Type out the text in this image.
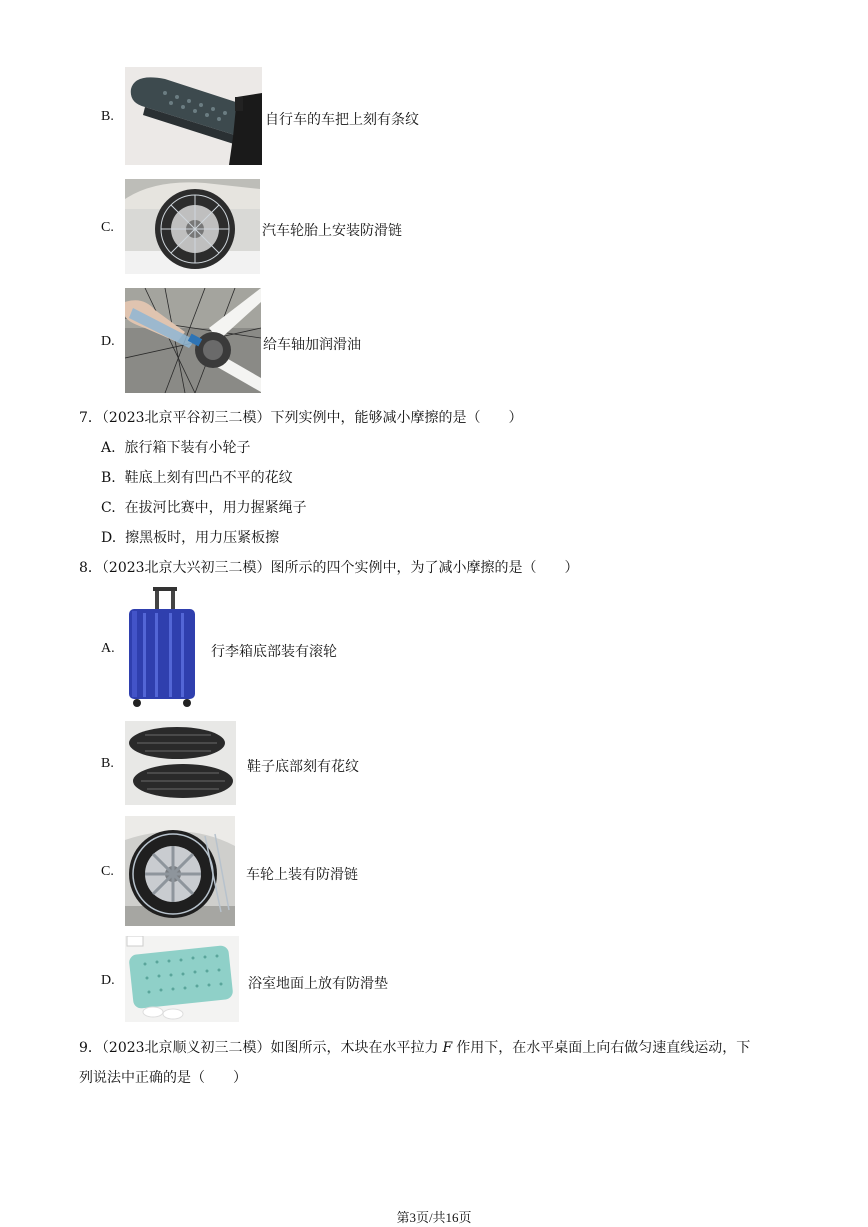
B.	自行车的车把上刻有条纹
C.	汽车轮胎上安装防滑链
D.	给车轴加润滑油
7．（2023北京平谷初三二模）下列实例中，能够减小摩擦的是（　　）
A. 旅行箱下装有小轮子
B. 鞋底上刻有凹凸不平的花纹
C. 在拔河比赛中，用力握紧绳子
D. 擦黑板时，用力压紧板擦
8．（2023北京大兴初三二模）图所示的四个实例中，为了减小摩擦的是（　　）
A.	行李箱底部装有滚轮
B.	鞋子底部刻有花纹
C.	车轮上装有防滑链
D.	浴室地面上放有防滑垫
9．（2023北京顺义初三二模）如图所示，木块在水平拉力 F 作用下，在水平桌面上向右做匀速直线运动，下
列说法中正确的是（　　）
第3页/共16页
